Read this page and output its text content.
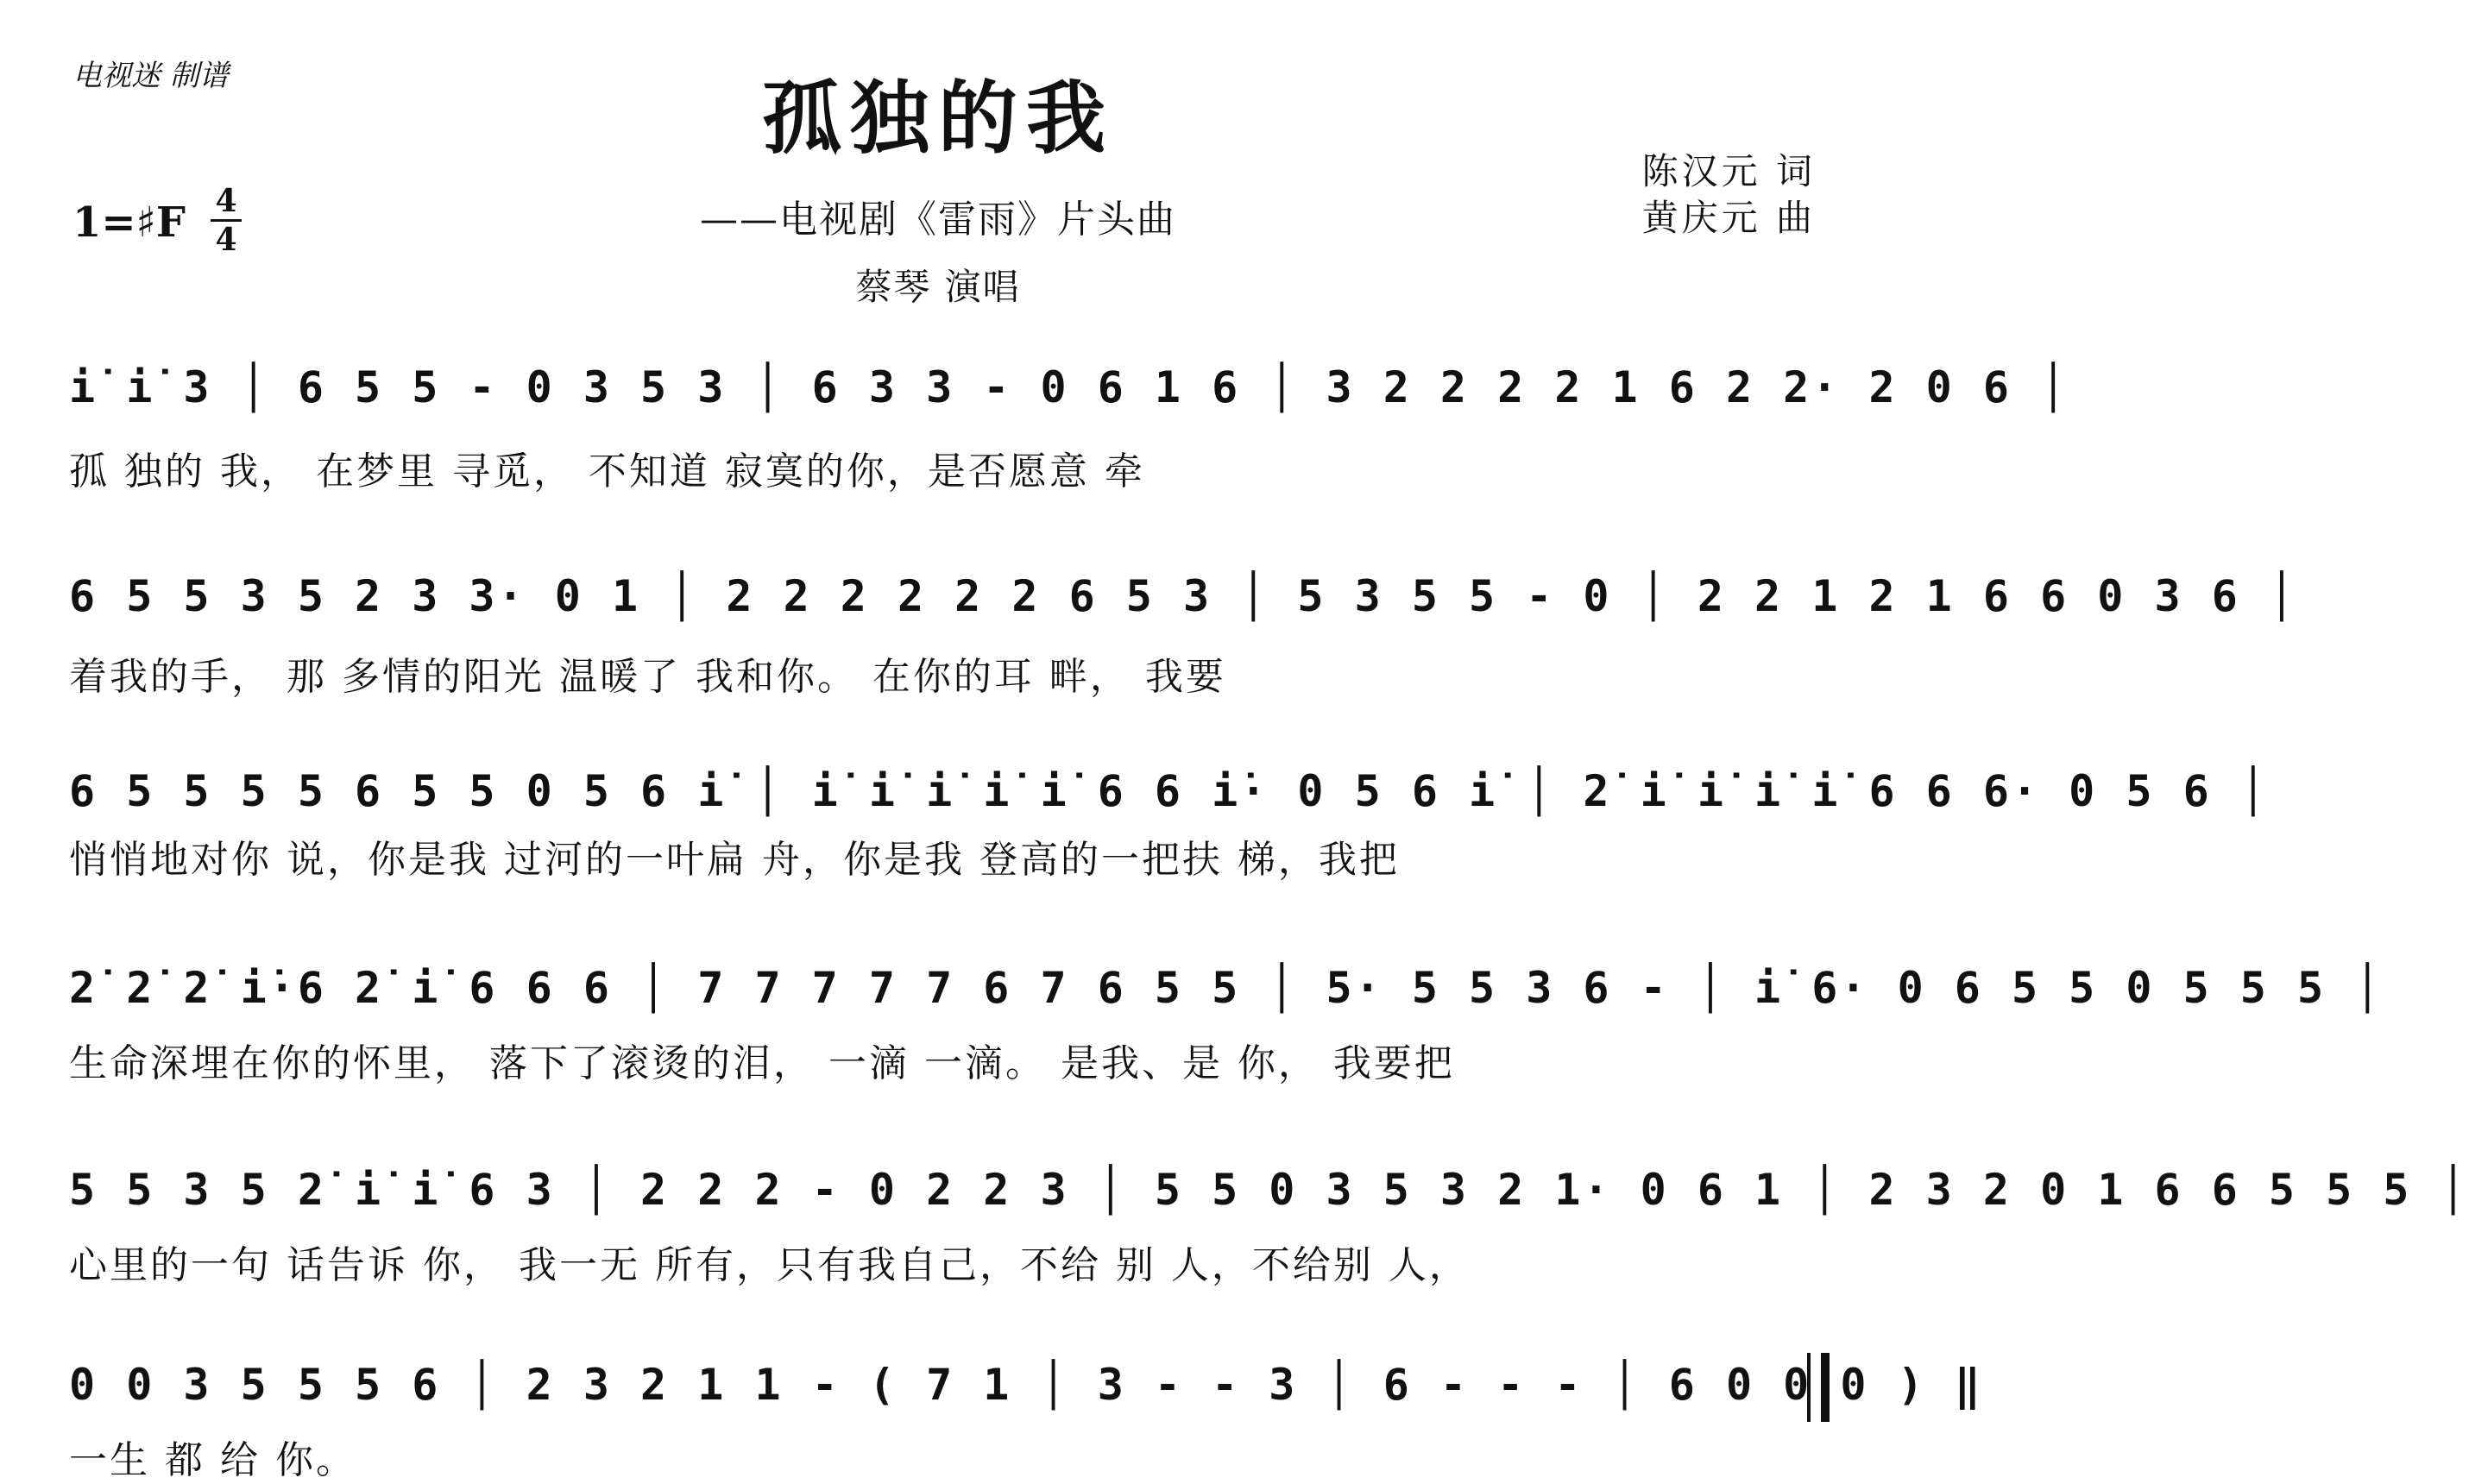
电视迷 制谱	孤独的我
——电视剧《雷雨》片头曲
蔡琴 演唱
陈汉元 词
黄庆元 曲
1=♯F 4
4
i̇ i̇ 3 │ 6 5 5 - 0 3 5 3 │ 6 3 3 - 0 6 1 6 │ 3 2 2 2 2 1 6 2 2· 2 0 6 │
孤 独的 我， 在梦里 寻觅， 不知道 寂寞的你，是否愿意 牵
6 5 5 3 5 2 3 3· 0 1 │ 2 2 2 2 2 2 6 5 3 │ 5 3 5 5 - 0 │ 2 2 1 2 1 6 6 0 3 6 │
着我的手， 那 多情的阳光 温暖了 我和你。 在你的耳 畔， 我要
6 5 5 5 5 6 5 5 0 5 6 i̇ │ i̇ i̇ i̇ i̇ i̇ 6 6 i̇· 0 5 6 i̇ │ 2̇ i̇ i̇ i̇ i̇ 6 6 6· 0 5 6 │
悄悄地对你 说，你是我 过河的一叶扁 舟，你是我 登高的一把扶 梯，我把
2̇ 2̇ 2̇ i̇·6 2̇ i̇ 6 6 6 │ 7 7 7 7 7 6 7 6 5 5 │ 5· 5 5 3 6 - │ i̇ 6· 0 6 5 5 0 5 5 5 │
生命深埋在你的怀里， 落下了滚烫的泪， 一滴 一滴。 是我、是 你， 我要把
5 5 3 5 2̇ i̇ i̇ 6 3 │ 2 2 2 - 0 2 2 3 │ 5 5 0 3 5 3 2 1· 0 6 1 │ 2 3 2 0 1 6 6 5 5 5 │
心里的一句 话告诉 你， 我一无 所有，只有我自己，不给 别 人，不给别 人，
0 0 3 5 5 5 6 │ 2 3 2 1 1 - ( 7 1 │ 3 - - 3 │ 6 - - - │ 6 0 0 0 ) ‖
一生 都 给 你。
